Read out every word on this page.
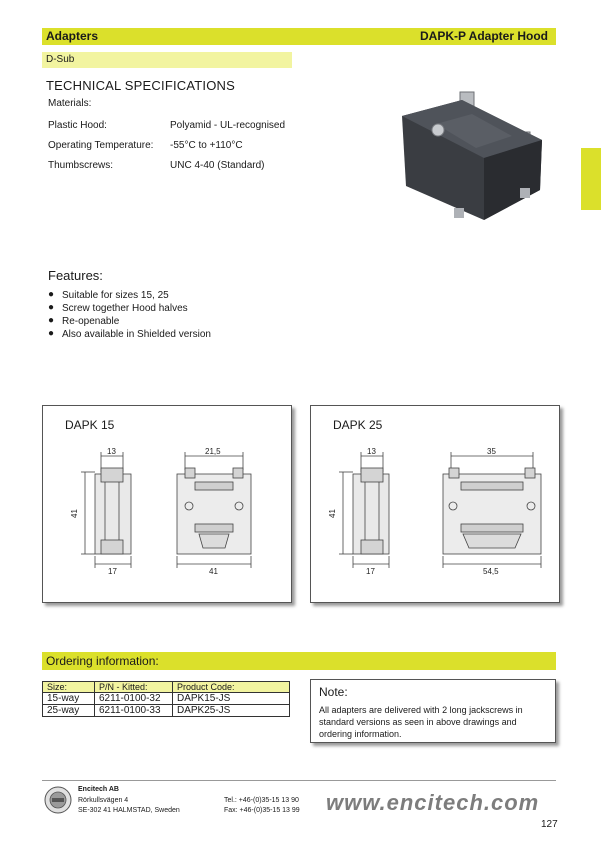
Adapters	DAPK-P Adapter Hood
D-Sub
TECHNICAL SPECIFICATIONS
Materials:
Plastic Hood:	Polyamid - UL-recognised
Operating Temperature: -55°C to +110°C
Thumbscrews:	UNC 4-40 (Standard)
Features:
● Suitable for sizes 15, 25
● Screw together Hood halves
● Re-openable
● Also available in Shielded version
DAPK 15
13	21,5
41
17	41
DAPK 25
13	35
41
17	54,5
Ordering information:
Size:	P/N - Kitted:	Product Code:
15-way	6211-0100-32	DAPK15-JS
25-way	6211-0100-33	DAPK25-JS
Note:
All adapters are delivered with 2 long jackscrews in standard versions as seen in above drawings and ordering information.
Encitech AB
Rörkullsvägen 4
SE-302 41 HALMSTAD, Sweden
Tel.: +46-(0)35-15 13 90
Fax: +46-(0)35-15 13 99 www.encitech.com
127
